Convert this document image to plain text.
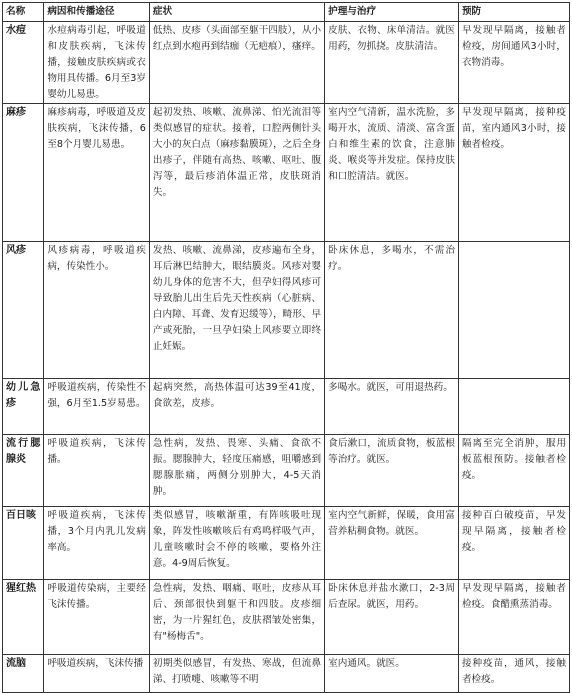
名称	病因和传播途径	症状	护理与治疗	预防
水痘	水痘病毒引起，呼吸道和皮肤疾病，飞沫传播，接触皮肤疾病或衣物用具传播。6月至3岁婴幼儿易患。	低热、皮疹（头面部至躯干四肢），从小红点到水疱再到结痂（无疤痕），瘙痒。	皮肤、衣物、床单清洁。就医用药，勿抓挠。皮肤清洁。	早发现早隔离，接触者检疫，房间通风3小时，衣物消毒。
麻疹	麻疹病毒，呼吸道及皮肤疾病，飞沫传播，6至8个月婴儿易患。	起初发热、咳嗽、流鼻涕、怕光流泪等类似感冒的症状。接着，口腔两侧针头大小的灰白点（麻疹黏膜斑），之后全身出疹子，伴随有高热、咳嗽、呕吐、腹泻等，最后疹消体温正常，皮肤斑消失。	室内空气清新，温水洗脸，多喝开水，流质、清淡、富含蛋白和维生素的饮食，注意肺炎、喉炎等并发症。保持皮肤和口腔清洁。就医。	早发现早隔离，接种疫苗，室内通风3小时，接触者检疫。
风疹	风疹病毒，呼吸道疾病，传染性小。	发热、咳嗽、流鼻涕，皮疹遍布全身，耳后淋巴结肿大，眼结膜炎。风疹对婴幼儿身体的危害不大，但孕妇得风疹可导致胎儿出生后先天性疾病（心脏病、白内障、耳聋、发育迟缓等），畸形、早产或死胎，一旦孕妇染上风疹要立即终止妊娠。	卧床休息，多喝水，不需治疗。	
幼儿急疹	呼吸道疾病，传染性不强，6月至1.5岁易患。	起病突然，高热体温可达39至41度，食欲差，皮疹。	多喝水。就医，可用退热药。	
流行腮腺炎	呼吸道疾病，飞沫传播。	急性病，发热、畏寒、头痛、食欲不振。腮腺肿大，轻度压痛感，咀嚼感到腮腺胀痛，两侧分别肿大，4-5天消肿。	食后漱口，流质食物，板蓝根等治疗。就医。	隔离至完全消肿，服用板蓝根预防。接触者检疫。
百日咳	呼吸道疾病，飞沫传播，3个月内乳儿发病率高。	类似感冒，咳嗽渐重，有阵咳吸吐现象，阵发性咳嗽咳后有鸡鸣样吸气声，儿童咳嗽时会不停的咳嗽，要格外注意。4-9周后恢复。	室内空气新鲜，保暖，食用富营养粘稠食物。就医。	接种百白破疫苗，早发现早隔离，接触者检疫。
猩红热	呼吸道传染病，主要经飞沫传播。	急性病，发热、咽痛、呕吐，皮疹从耳后、颈部很快到躯干和四肢。皮疹细密，为一片猩红色，皮肤褶皱处密集，有"杨梅舌"。	卧床休息并盐水漱口，2-3周后查尿。就医，用药。	早发现早隔离，接触者检疫。食醋熏蒸消毒。
流脑	呼吸道疾病，飞沫传播	初期类似感冒，有发热、寒战，但流鼻涕、打喷嚏、咳嗽等不明	室内通风。就医。	接种疫苗，通风，接触者检疫。
